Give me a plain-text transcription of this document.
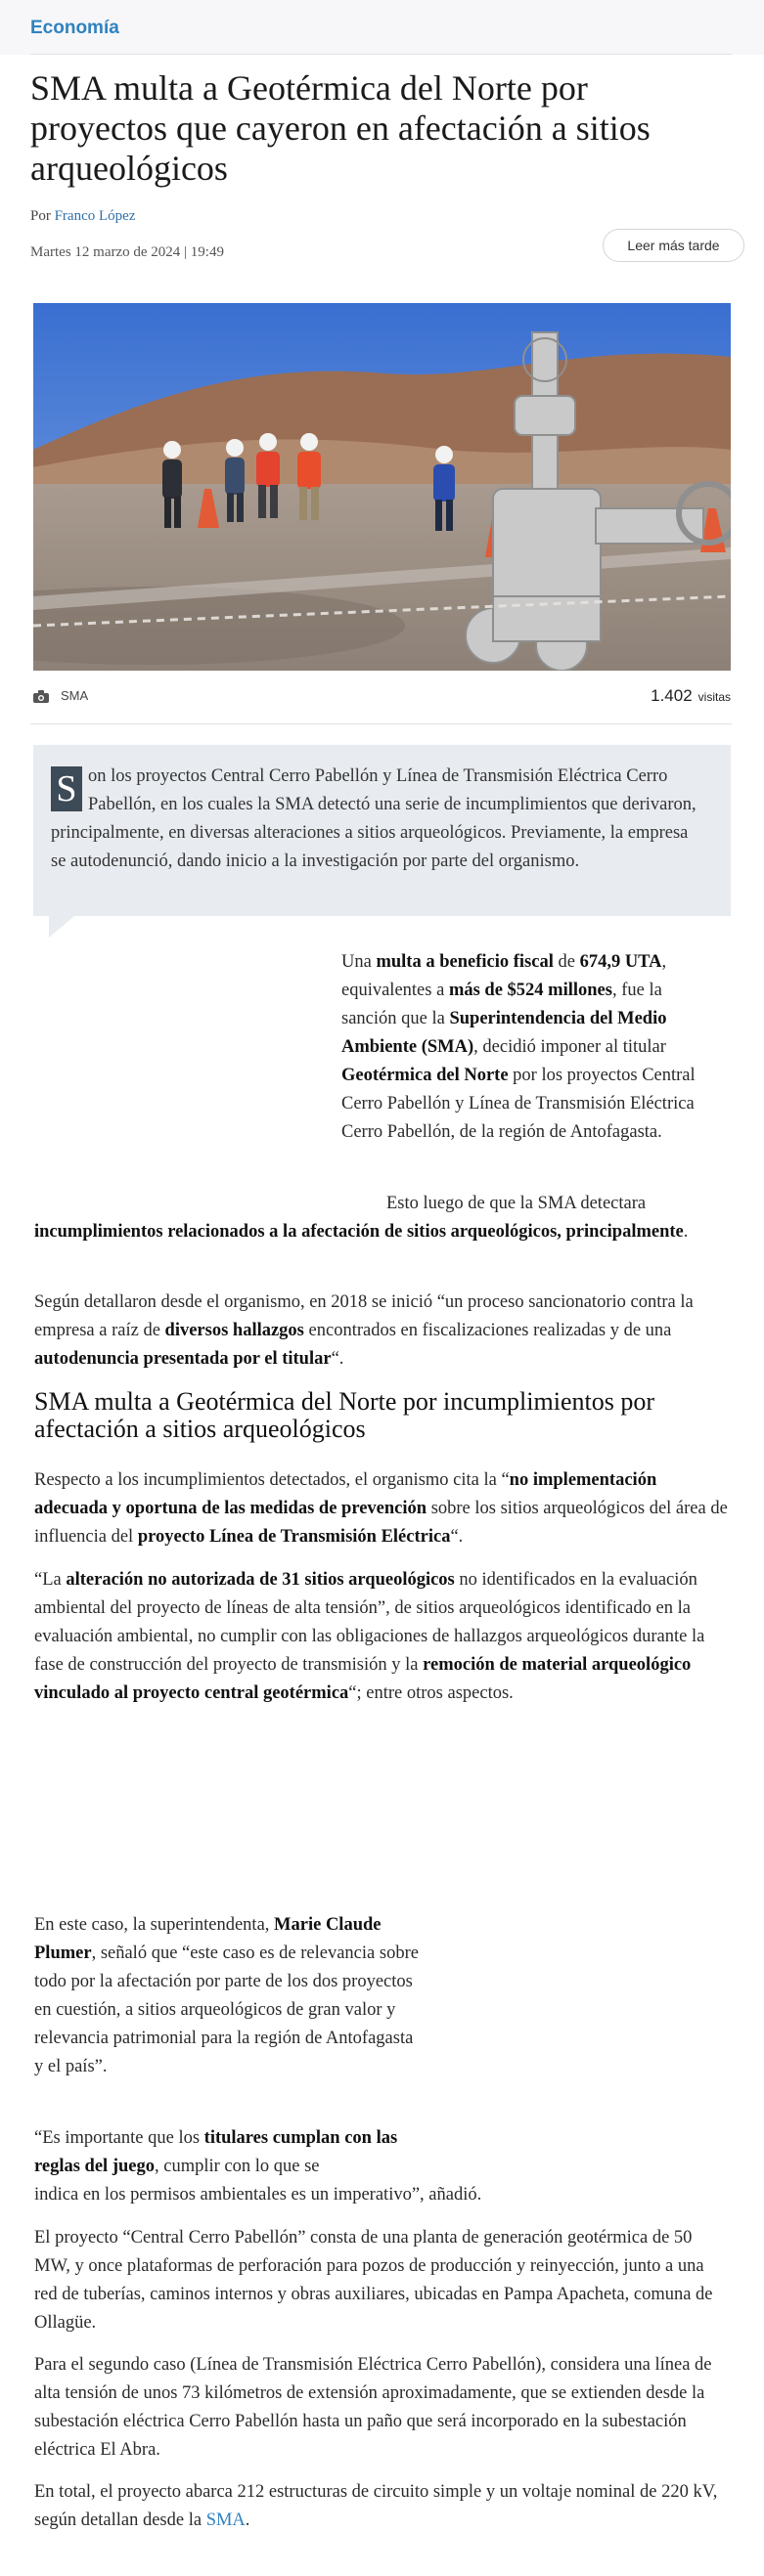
Economía
SMA multa a Geotérmica del Norte por proyectos que cayeron en afectación a sitios arqueológicos
Por Franco López
Martes 12 marzo de 2024 | 19:49	Leer más tarde
SMA	1.402 visitas
S on los proyectos Central Cerro Pabellón y Línea de Transmisión Eléctrica Cerro Pabellón, en los cuales la SMA detectó una serie de incumplimientos que derivaron, principalmente, en diversas alteraciones a sitios arqueológicos. Previamente, la empresa se autodenunció, dando inicio a la investigación por parte del organismo.

Una multa a beneficio fiscal de 674,9 UTA, equivalentes a más de $524 millones, fue la sanción que la Superintendencia del Medio Ambiente (SMA), decidió imponer al titular Geotérmica del Norte por los proyectos Central Cerro Pabellón y Línea de Transmisión Eléctrica Cerro Pabellón, de la región de Antofagasta.

Esto luego de que la SMA detectara

incumplimientos relacionados a la afectación de sitios arqueológicos, principalmente.

Según detallaron desde el organismo, en 2018 se inició “un proceso sancionatorio contra la empresa a raíz de diversos hallazgos encontrados en fiscalizaciones realizadas y de una autodenuncia presentada por el titular“.

SMA multa a Geotérmica del Norte por incumplimientos por afectación a sitios arqueológicos

Respecto a los incumplimientos detectados, el organismo cita la “no implementación adecuada y oportuna de las medidas de prevención sobre los sitios arqueológicos del área de influencia del proyecto Línea de Transmisión Eléctrica“.

“La alteración no autorizada de 31 sitios arqueológicos no identificados en la evaluación ambiental del proyecto de líneas de alta tensión”, de sitios arqueológicos identificado en la evaluación ambiental, no cumplir con las obligaciones de hallazgos arqueológicos durante la fase de construcción del proyecto de transmisión y la remoción de material arqueológico vinculado al proyecto central geotérmica“; entre otros aspectos.

En este caso, la superintendenta, Marie Claude Plumer, señaló que “este caso es de relevancia sobre todo por la afectación por parte de los dos proyectos en cuestión, a sitios arqueológicos de gran valor y relevancia patrimonial para la región de Antofagasta y el país”.

“Es importante que los titulares cumplan con las reglas del juego, cumplir con lo que se

indica en los permisos ambientales es un imperativo”, añadió.

El proyecto “Central Cerro Pabellón” consta de una planta de generación geotérmica de 50 MW, y once plataformas de perforación para pozos de producción y reinyección, junto a una red de tuberías, caminos internos y obras auxiliares, ubicadas en Pampa Apacheta, comuna de Ollagüe.

Para el segundo caso (Línea de Transmisión Eléctrica Cerro Pabellón), considera una línea de alta tensión de unos 73 kilómetros de extensión aproximadamente, que se extienden desde la subestación eléctrica Cerro Pabellón hasta un paño que será incorporado en la subestación eléctrica El Abra.

En total, el proyecto abarca 212 estructuras de circuito simple y un voltaje nominal de 220 kV, según detallan desde la SMA.
